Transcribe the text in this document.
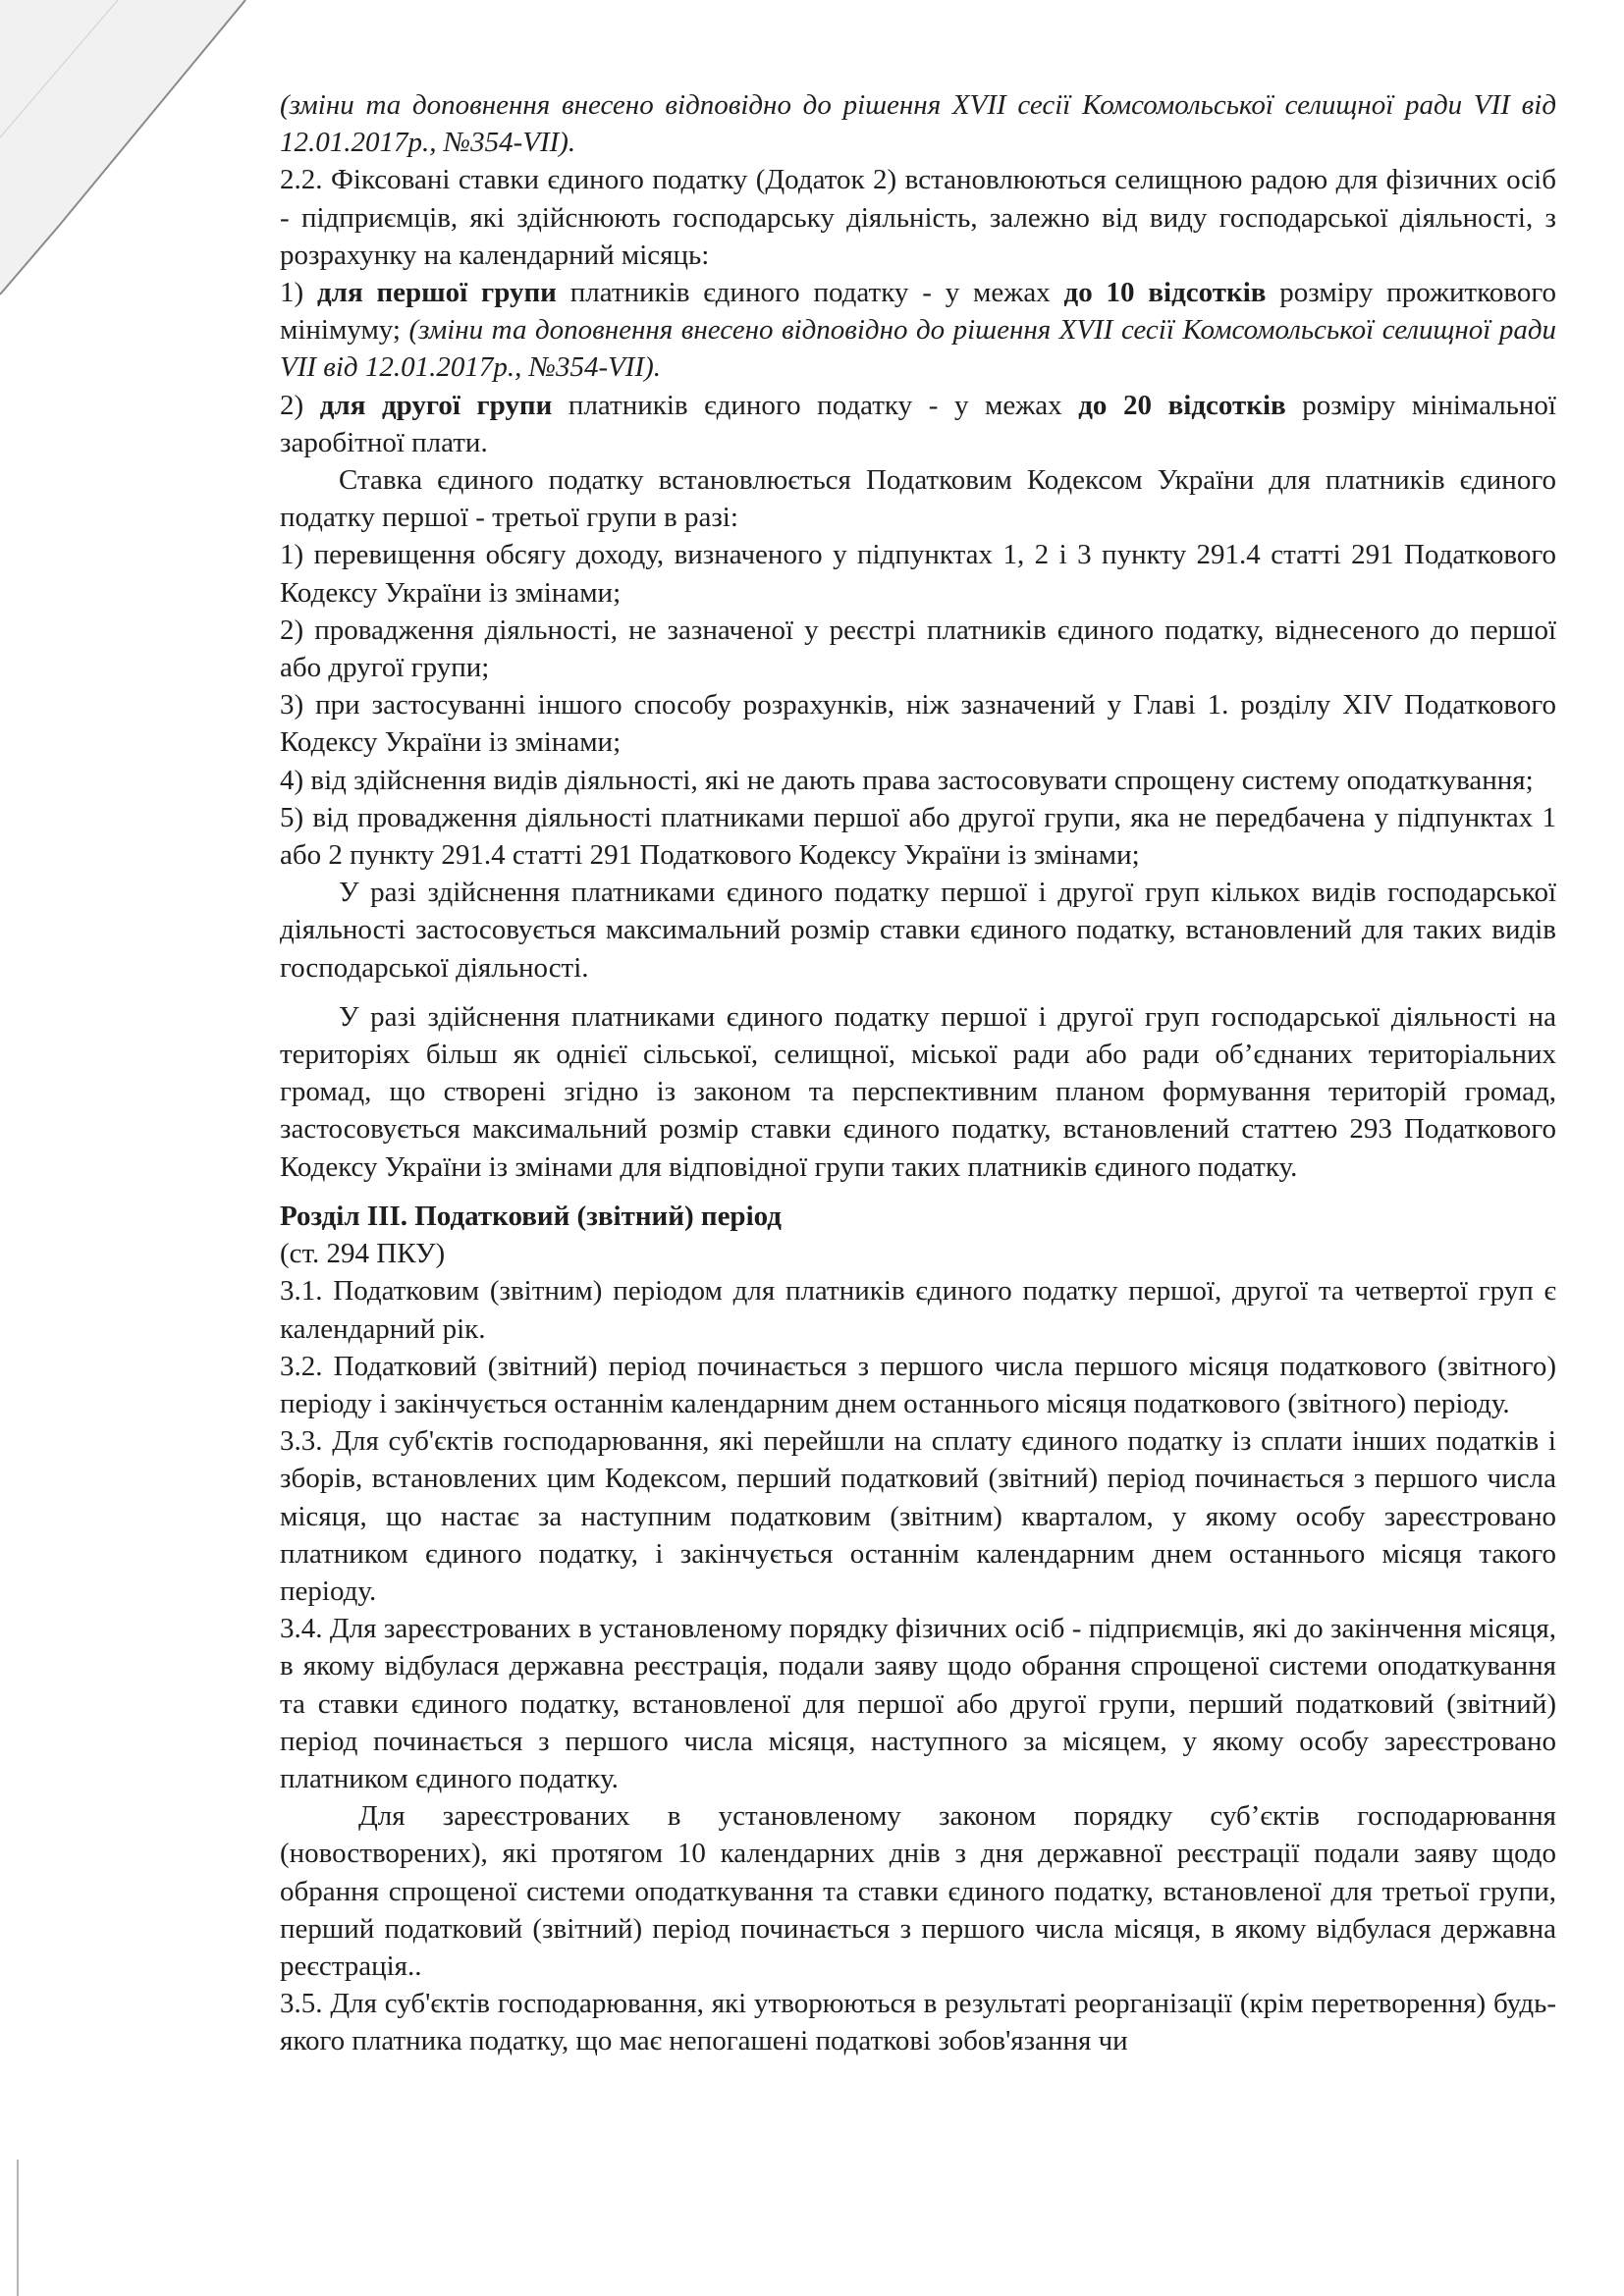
(зміни та доповнення внесено відповідно до рішення XVII сесії Комсомольської селищної ради VII від 12.01.2017р., №354-VII).

2.2. Фіксовані ставки єдиного податку (Додаток 2) встановлюються селищною радою для фізичних осіб - підприємців, які здійснюють господарську діяльність, залежно від виду господарської діяльності, з розрахунку на календарний місяць:

1) для першої групи платників єдиного податку - у межах до 10 відсотків розміру прожиткового мінімуму; (зміни та доповнення внесено відповідно до рішення XVII сесії Комсомольської селищної ради VII від 12.01.2017р., №354-VII).

2) для другої групи платників єдиного податку - у межах до 20 відсотків розміру мінімальної заробітної плати.

Ставка єдиного податку встановлюється Податковим Кодексом України для платників єдиного податку першої - третьої групи в разі:

1) перевищення обсягу доходу, визначеного у підпунктах 1, 2 і 3 пункту 291.4 статті 291 Податкового Кодексу України із змінами;

2) провадження діяльності, не зазначеної у реєстрі платників єдиного податку, віднесеного до першої або другої групи;

3) при застосуванні іншого способу розрахунків, ніж зазначений у Главі 1. розділу XIV Податкового Кодексу України із змінами;

4) від здійснення видів діяльності, які не дають права застосовувати спрощену систему оподаткування;

5) від провадження діяльності платниками першої або другої групи, яка не передбачена у підпунктах 1 або 2 пункту 291.4 статті 291 Податкового Кодексу України із змінами;

У разі здійснення платниками єдиного податку першої і другої груп кількох видів господарської діяльності застосовується максимальний розмір ставки єдиного податку, встановлений для таких видів господарської діяльності.

У разі здійснення платниками єдиного податку першої і другої груп господарської діяльності на територіях більш як однієї сільської, селищної, міської ради або ради об’єднаних територіальних громад, що створені згідно із законом та перспективним планом формування територій громад, застосовується максимальний розмір ставки єдиного податку, встановлений статтею 293 Податкового Кодексу України із змінами для відповідної групи таких платників єдиного податку.

Розділ ІІІ. Податковий (звітний) період

(ст. 294 ПКУ)

3.1. Податковим (звітним) періодом для платників єдиного податку першої, другої та четвертої груп є календарний рік.

3.2. Податковий (звітний) період починається з першого числа першого місяця податкового (звітного) періоду і закінчується останнім календарним днем останнього місяця податкового (звітного) періоду.

3.3. Для суб'єктів господарювання, які перейшли на сплату єдиного податку із сплати інших податків і зборів, встановлених цим Кодексом, перший податковий (звітний) період починається з першого числа місяця, що настає за наступним податковим (звітним) кварталом, у якому особу зареєстровано платником єдиного податку, і закінчується останнім календарним днем останнього місяця такого періоду.

3.4. Для зареєстрованих в установленому порядку фізичних осіб - підприємців, які до закінчення місяця, в якому відбулася державна реєстрація, подали заяву щодо обрання спрощеної системи оподаткування та ставки єдиного податку, встановленої для першої або другої групи, перший податковий (звітний) період починається з першого числа місяця, наступного за місяцем, у якому особу зареєстровано платником єдиного податку.

Для зареєстрованих в установленому законом порядку суб’єктів господарювання (новостворених), які протягом 10 календарних днів з дня державної реєстрації подали заяву щодо обрання спрощеної системи оподаткування та ставки єдиного податку, встановленої для третьої групи, перший податковий (звітний) період починається з першого числа місяця, в якому відбулася державна реєстрація..

3.5. Для суб'єктів господарювання, які утворюються в результаті реорганізації (крім перетворення) будь-якого платника податку, що має непогашені податкові зобов'язання чи
